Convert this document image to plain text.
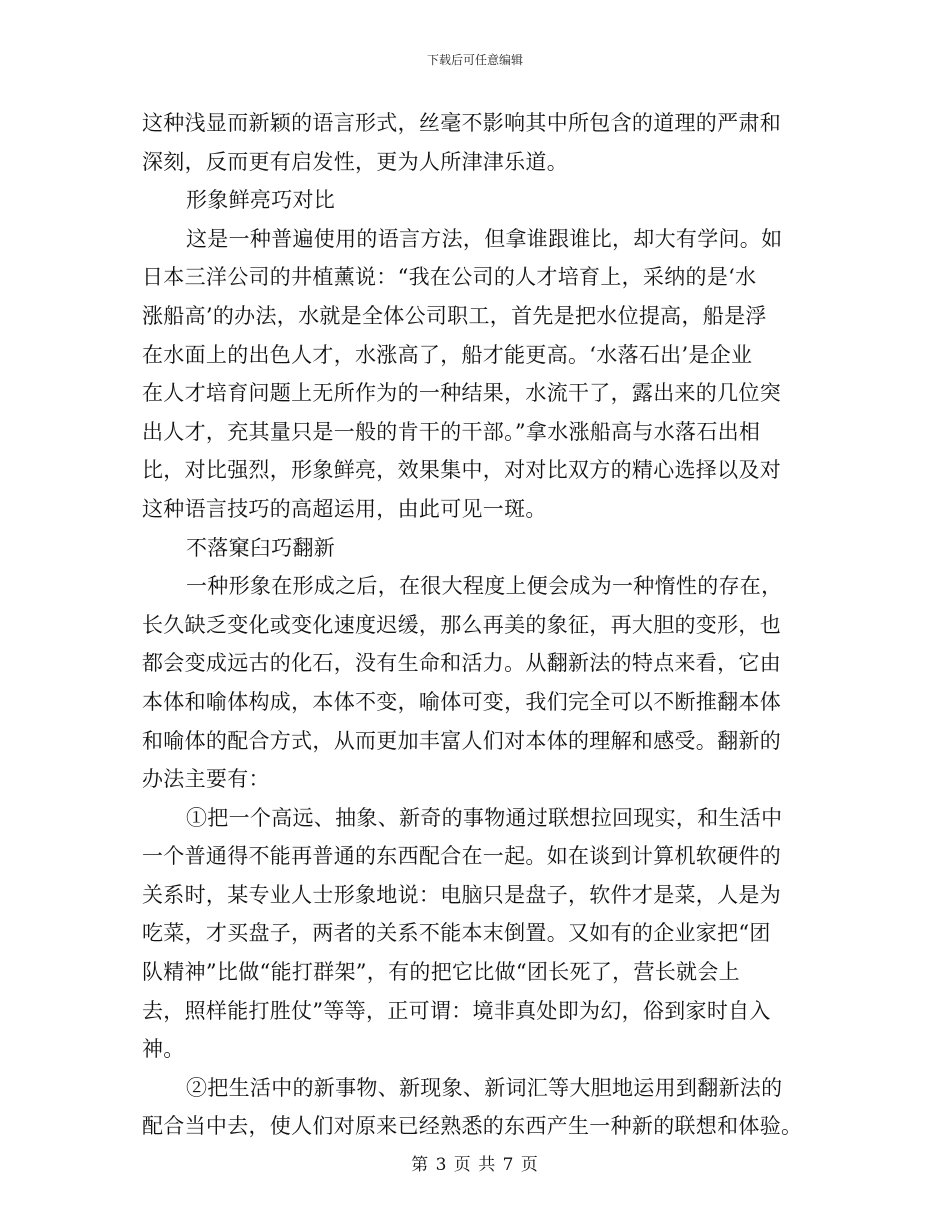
下载后可任意编辑
这种浅显而新颖的语言形式，丝毫不影响其中所包含的道理的严肃和
深刻，反而更有启发性，更为人所津津乐道。
形象鲜亮巧对比
这是一种普遍使用的语言方法，但拿谁跟谁比，却大有学问。如
日本三洋公司的井植薰说：“我在公司的人才培育上，采纳的是‘水
涨船高’的办法，水就是全体公司职工，首先是把水位提高，船是浮
在水面上的出色人才，水涨高了，船才能更高。‘水落石出’是企业
在人才培育问题上无所作为的一种结果，水流干了，露出来的几位突
出人才，充其量只是一般的肯干的干部。”拿水涨船高与水落石出相
比，对比强烈，形象鲜亮，效果集中，对对比双方的精心选择以及对
这种语言技巧的高超运用，由此可见一斑。
不落窠臼巧翻新
一种形象在形成之后，在很大程度上便会成为一种惰性的存在，
长久缺乏变化或变化速度迟缓，那么再美的象征，再大胆的变形，也
都会变成远古的化石，没有生命和活力。从翻新法的特点来看，它由
本体和喻体构成，本体不变，喻体可变，我们完全可以不断推翻本体
和喻体的配合方式，从而更加丰富人们对本体的理解和感受。翻新的
办法主要有：
①把一个高远、抽象、新奇的事物通过联想拉回现实，和生活中
一个普通得不能再普通的东西配合在一起。如在谈到计算机软硬件的
关系时，某专业人士形象地说：电脑只是盘子，软件才是菜，人是为
吃菜，才买盘子，两者的关系不能本末倒置。又如有的企业家把“团
队精神”比做“能打群架”，有的把它比做“团长死了，营长就会上
去，照样能打胜仗”等等，正可谓：境非真处即为幻，俗到家时自入
神。
②把生活中的新事物、新现象、新词汇等大胆地运用到翻新法的
配合当中去，使人们对原来已经熟悉的东西产生一种新的联想和体验。
第 3 页 共 7 页
